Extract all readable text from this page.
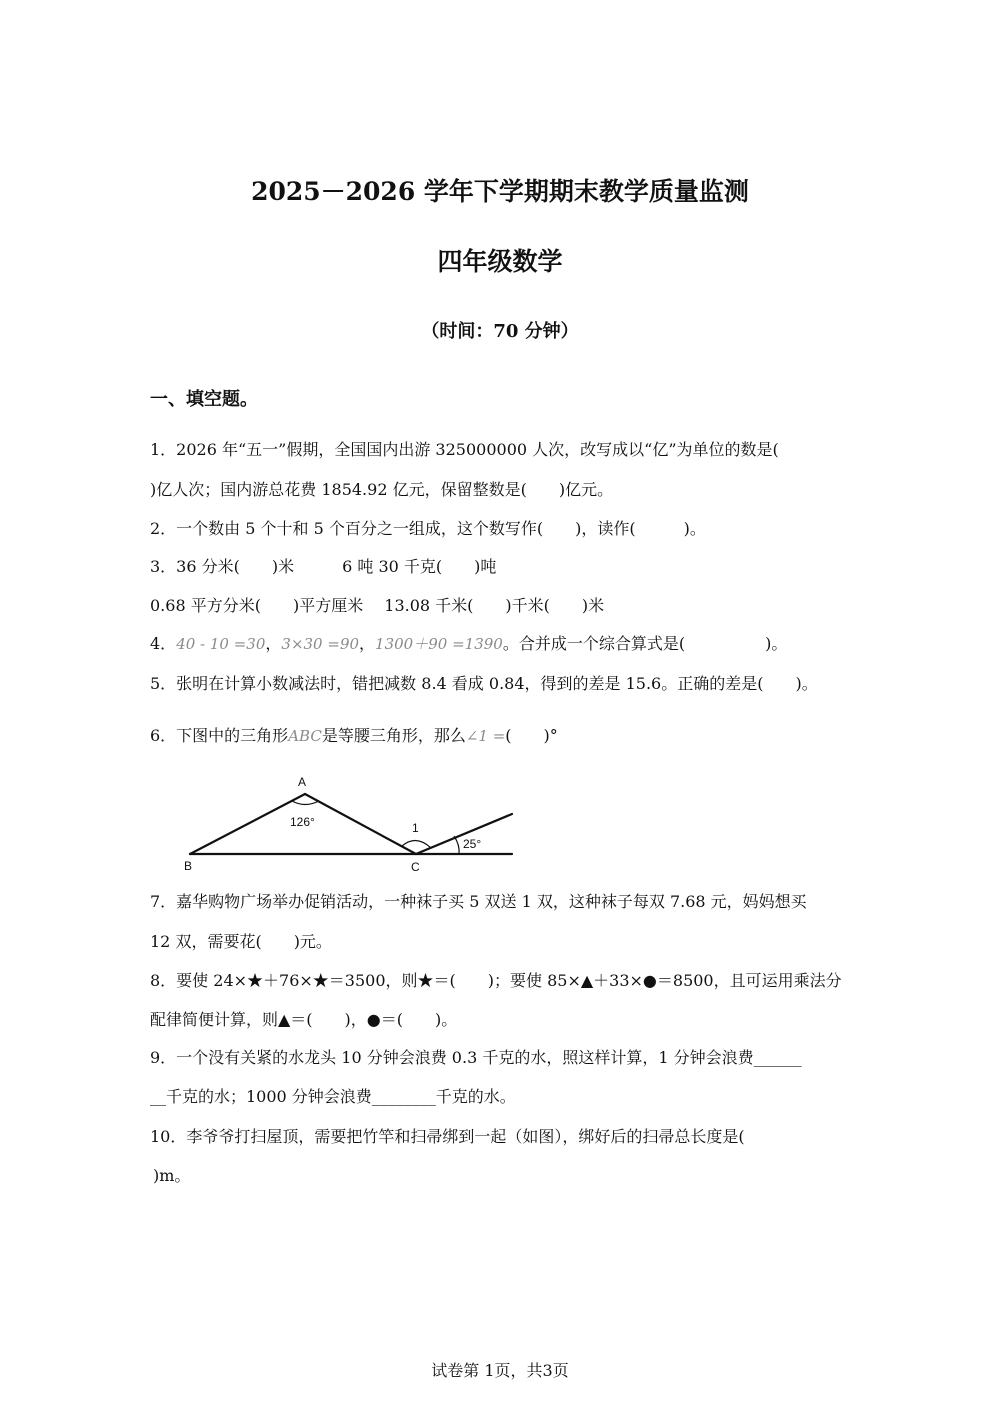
2025－2026 学年下学期期末教学质量监测
四年级数学
（时间：70 分钟）
一、填空题。
1．2026 年“五一”假期，全国国内出游 325000000 人次，改写成以“亿”为单位的数是(
)亿人次；国内游总花费 1854.92 亿元，保留整数是(　　)亿元。
2．一个数由 5 个十和 5 个百分之一组成，这个数写作(　　)，读作(　　　)。
3．36 分米(　　)米　　　6 吨 30 千克(　　)吨
0.68 平方分米(　　)平方厘米　 13.08 千米(　　)千米(　　)米
4．40 - 10 =30，3×30 =90，1300＋90 =1390。合并成一个综合算式是(　　　　　)。
5．张明在计算小数减法时，错把减数 8.4 看成 0.84，得到的差是 15.6。正确的差是(　　)。
6．下图中的三角形ABC是等腰三角形，那么∠1 =(　　)°
A
B	C
126°	1
25°
7．嘉华购物广场举办促销活动，一种袜子买 5 双送 1 双，这种袜子每双 7.68 元，妈妈想买
12 双，需要花(　　)元。
8．要使 24×★＋76×★＝3500，则★＝(　　)；要使 85×▲＋33×●＝8500，且可运用乘法分
配律简便计算，则▲＝(　　)，●＝(　　)。
9．一个没有关紧的水龙头 10 分钟会浪费 0.3 千克的水，照这样计算，1 分钟会浪费______
__千克的水；1000 分钟会浪费________千克的水。
10．李爷爷打扫屋顶，需要把竹竿和扫帚绑到一起（如图），绑好后的扫帚总长度是(
)m。
试卷第 1页，共3页
